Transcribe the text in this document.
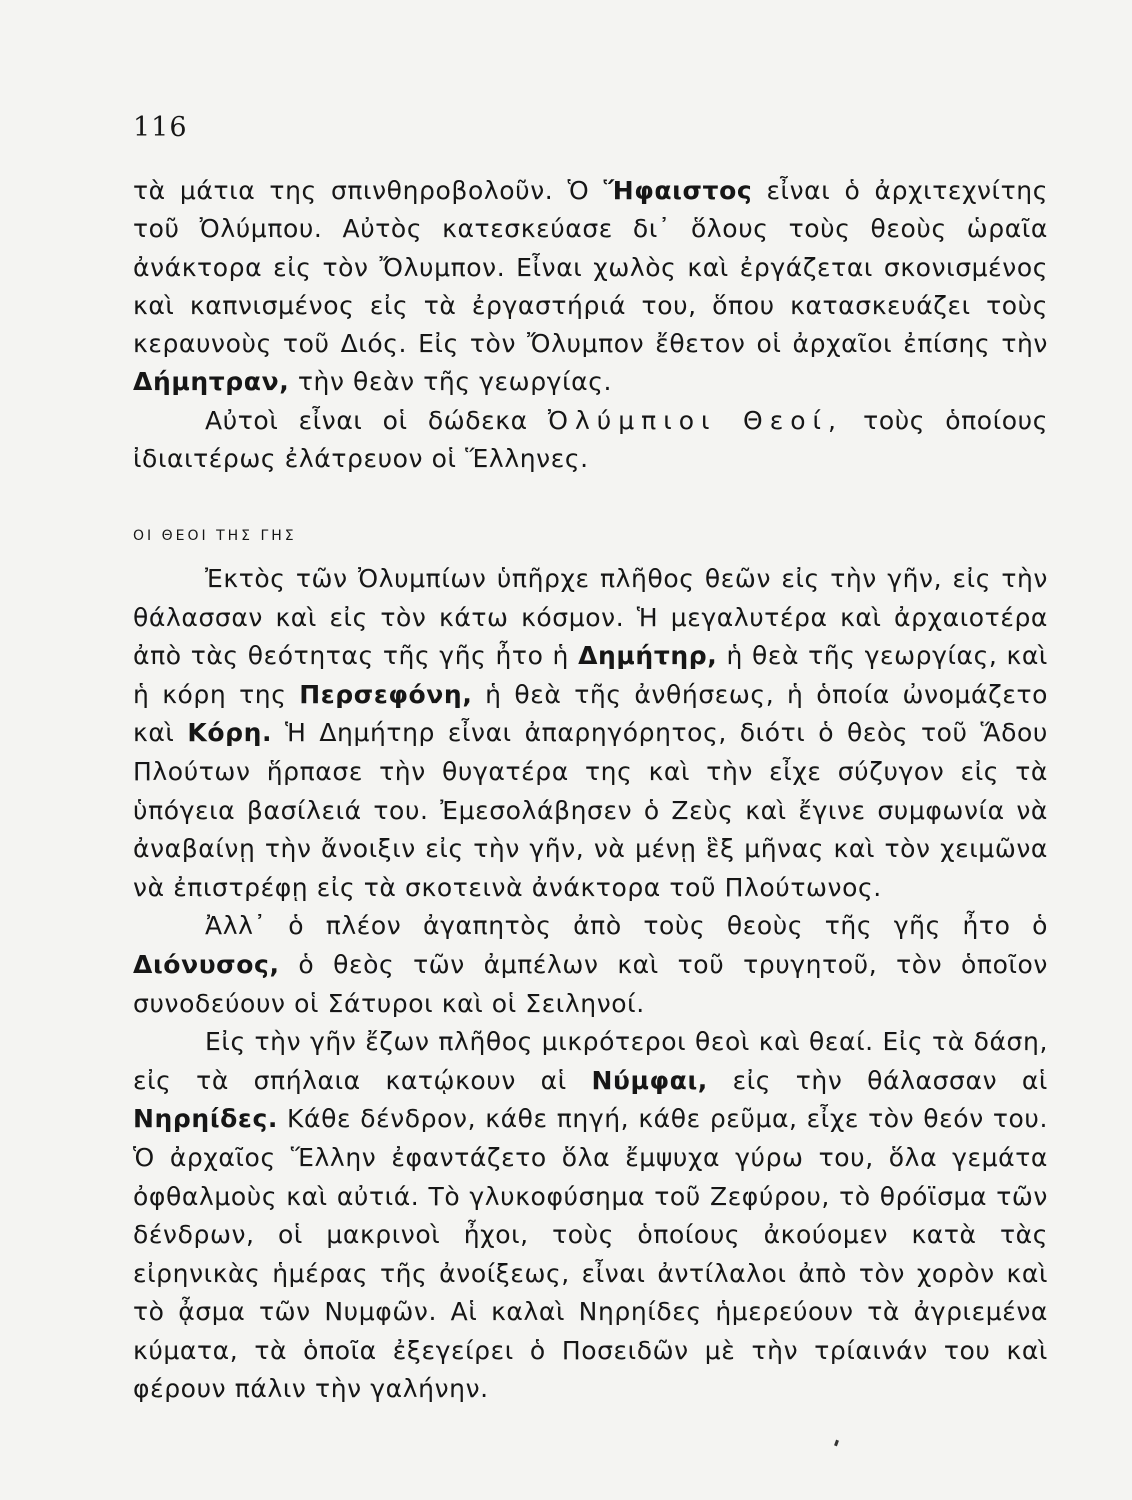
116

τὰ μάτια της σπινθηροβολοῦν. Ὁ Ἥφαιστος εἶναι ὁ ἀρχιτεχνίτης τοῦ Ὀλύμπου. Αὐτὸς κατεσκεύασε δι᾽ ὅλους τοὺς θεοὺς ὡραῖα ἀνάκτορα εἰς τὸν Ὄλυμπον. Εἶναι χωλὸς καὶ ἐργάζεται σκονισμένος καὶ καπνισμένος εἰς τὰ ἐργαστήριά του, ὅπου κατασκευάζει τοὺς κεραυνοὺς τοῦ Διός. Εἰς τὸν Ὄλυμπον ἔθετον οἱ ἀρχαῖοι ἐπίσης τὴν Δήμητραν, τὴν θεὰν τῆς γεωργίας.

Αὐτοὶ εἶναι οἱ δώδεκα Ὀλύμπιοι Θεοί, τοὺς ὁποίους ἰδιαιτέρως ἐλάτρευον οἱ Ἕλληνες.

ΟΙ ΘΕΟΙ ΤΗΣ ΓΗΣ

Ἐκτὸς τῶν Ὀλυμπίων ὑπῆρχε πλῆθος θεῶν εἰς τὴν γῆν, εἰς τὴν θάλασσαν καὶ εἰς τὸν κάτω κόσμον. Ἡ μεγαλυτέρα καὶ ἀρχαιοτέρα ἀπὸ τὰς θεότητας τῆς γῆς ἦτο ἡ Δημήτηρ, ἡ θεὰ τῆς γεωργίας, καὶ ἡ κόρη της Περσεφόνη, ἡ θεὰ τῆς ἀνθήσεως, ἡ ὁποία ὠνομάζετο καὶ Κόρη. Ἡ Δημήτηρ εἶναι ἀπαρηγόρητος, διότι ὁ θεὸς τοῦ Ἅδου Πλούτων ἥρπασε τὴν θυγατέρα της καὶ τὴν εἶχε σύζυγον εἰς τὰ ὑπόγεια βασίλειά του. Ἐμεσολάβησεν ὁ Ζεὺς καὶ ἔγινε συμφωνία νὰ ἀναβαίνῃ τὴν ἄνοιξιν εἰς τὴν γῆν, νὰ μένῃ ἓξ μῆνας καὶ τὸν χειμῶνα νὰ ἐπιστρέφῃ εἰς τὰ σκοτεινὰ ἀνάκτορα τοῦ Πλούτωνος.

Ἀλλ᾽ ὁ πλέον ἀγαπητὸς ἀπὸ τοὺς θεοὺς τῆς γῆς ἦτο ὁ Διόνυσος, ὁ θεὸς τῶν ἀμπέλων καὶ τοῦ τρυγητοῦ, τὸν ὁποῖον συνοδεύουν οἱ Σάτυροι καὶ οἱ Σειληνοί.

Εἰς τὴν γῆν ἔζων πλῆθος μικρότεροι θεοὶ καὶ θεαί. Εἰς τὰ δάση, εἰς τὰ σπήλαια κατῴκουν αἱ Νύμφαι, εἰς τὴν θάλασσαν αἱ Νηρηίδες. Κάθε δένδρον, κάθε πηγή, κάθε ρεῦμα, εἶχε τὸν θεόν του. Ὁ ἀρχαῖος Ἕλλην ἐφαντάζετο ὅλα ἔμψυχα γύρω του, ὅλα γεμάτα ὀφθαλμοὺς καὶ αὐτιά. Τὸ γλυκοφύσημα τοῦ Ζεφύρου, τὸ θρόϊσμα τῶν δένδρων, οἱ μακρινοὶ ἦχοι, τοὺς ὁποίους ἀκούομεν κατὰ τὰς εἰρηνικὰς ἡμέρας τῆς ἀνοίξεως, εἶναι ἀντίλαλοι ἀπὸ τὸν χορὸν καὶ τὸ ᾆσμα τῶν Νυμφῶν. Αἱ καλαὶ Νηρηίδες ἡμερεύουν τὰ ἀγριεμένα κύματα, τὰ ὁποῖα ἐξεγείρει ὁ Ποσειδῶν μὲ τὴν τρίαινάν του καὶ φέρουν πάλιν τὴν γαλήνην.
